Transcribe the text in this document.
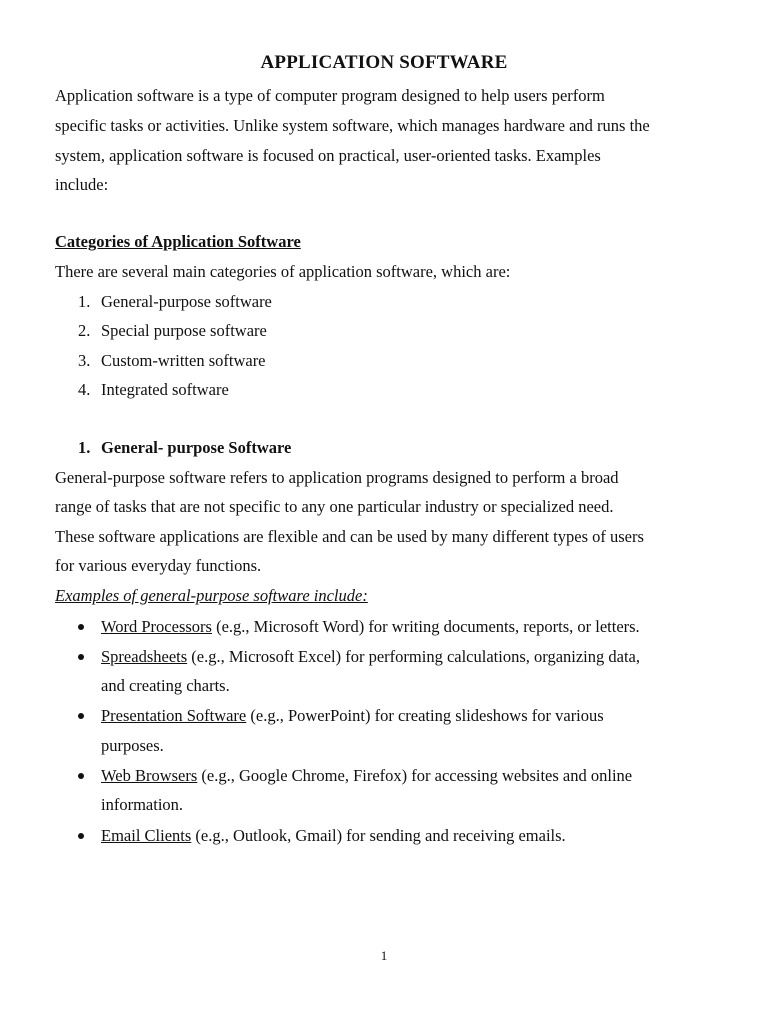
APPLICATION SOFTWARE
Application software is a type of computer program designed to help users perform
specific tasks or activities. Unlike system software, which manages hardware and runs the
system, application software is focused on practical, user-oriented tasks. Examples
include:
Categories of Application Software
There are several main categories of application software, which are:
1. General-purpose software
2. Special purpose software
3. Custom-written software
4. Integrated software
1. General- purpose Software
General-purpose software refers to application programs designed to perform a broad
range of tasks that are not specific to any one particular industry or specialized need.
These software applications are flexible and can be used by many different types of users
for various everyday functions.
Examples of general-purpose software include:
Word Processors (e.g., Microsoft Word) for writing documents, reports, or letters.
Spreadsheets (e.g., Microsoft Excel) for performing calculations, organizing data,
and creating charts.
Presentation Software (e.g., PowerPoint) for creating slideshows for various
purposes.
Web Browsers (e.g., Google Chrome, Firefox) for accessing websites and online
information.
Email Clients (e.g., Outlook, Gmail) for sending and receiving emails.
1
